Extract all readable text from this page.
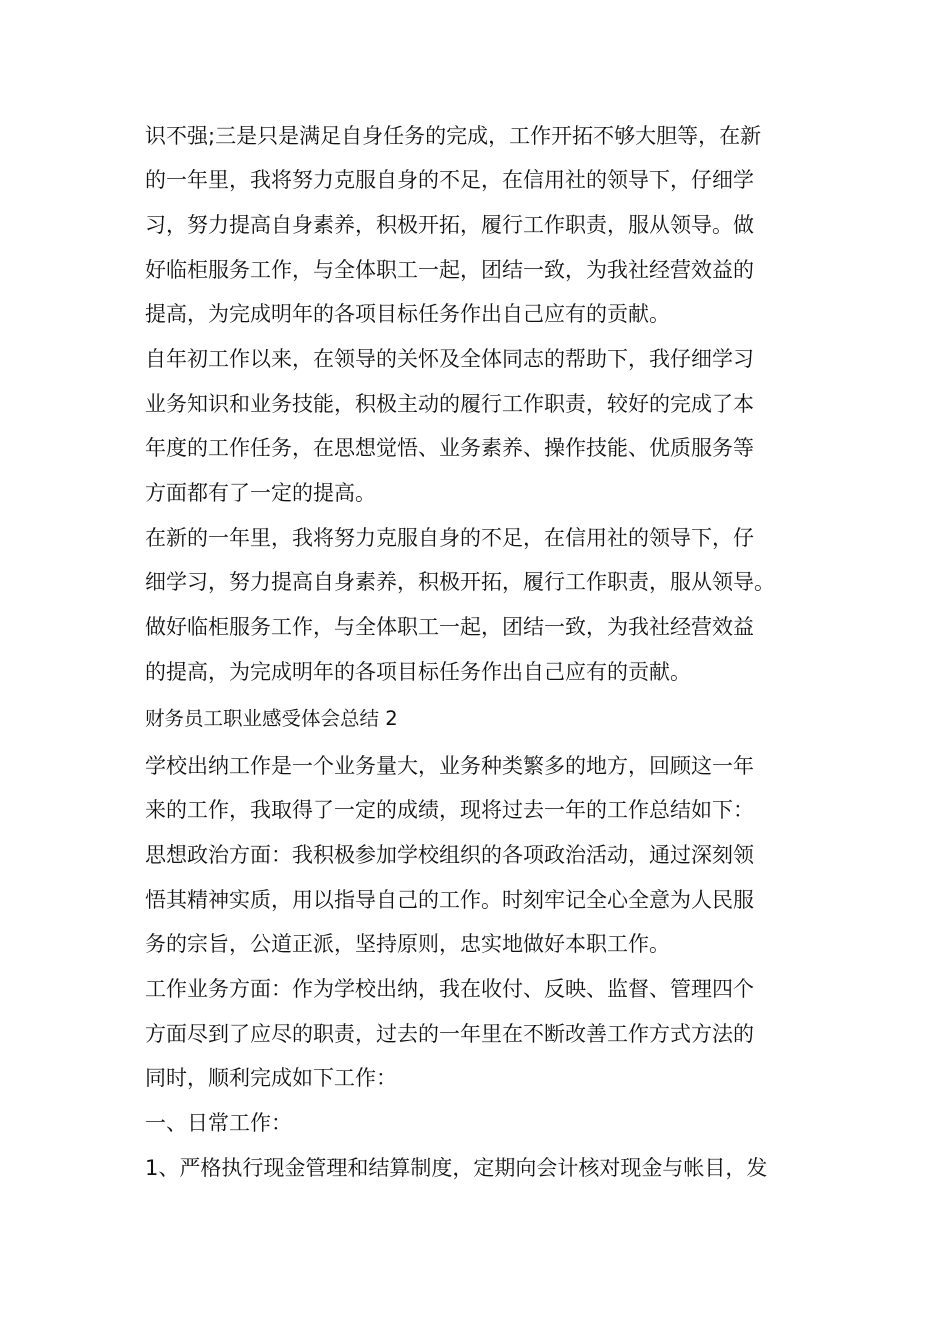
识不强;三是只是满足自身任务的完成，工作开拓不够大胆等，在新
的一年里，我将努力克服自身的不足，在信用社的领导下，仔细学
习，努力提高自身素养，积极开拓，履行工作职责，服从领导。做
好临柜服务工作，与全体职工一起，团结一致，为我社经营效益的
提高，为完成明年的各项目标任务作出自己应有的贡献。
自年初工作以来，在领导的关怀及全体同志的帮助下，我仔细学习
业务知识和业务技能，积极主动的履行工作职责，较好的完成了本
年度的工作任务，在思想觉悟、业务素养、操作技能、优质服务等
方面都有了一定的提高。
在新的一年里，我将努力克服自身的不足，在信用社的领导下，仔
细学习，努力提高自身素养，积极开拓，履行工作职责，服从领导。
做好临柜服务工作，与全体职工一起，团结一致，为我社经营效益
的提高，为完成明年的各项目标任务作出自己应有的贡献。
财务员工职业感受体会总结 2
学校出纳工作是一个业务量大，业务种类繁多的地方，回顾这一年
来的工作，我取得了一定的成绩，现将过去一年的工作总结如下：
思想政治方面：我积极参加学校组织的各项政治活动，通过深刻领
悟其精神实质，用以指导自己的工作。时刻牢记全心全意为人民服
务的宗旨，公道正派，坚持原则，忠实地做好本职工作。
工作业务方面：作为学校出纳，我在收付、反映、监督、管理四个
方面尽到了应尽的职责，过去的一年里在不断改善工作方式方法的
同时，顺利完成如下工作：
一、日常工作：
1、严格执行现金管理和结算制度，定期向会计核对现金与帐目，发
